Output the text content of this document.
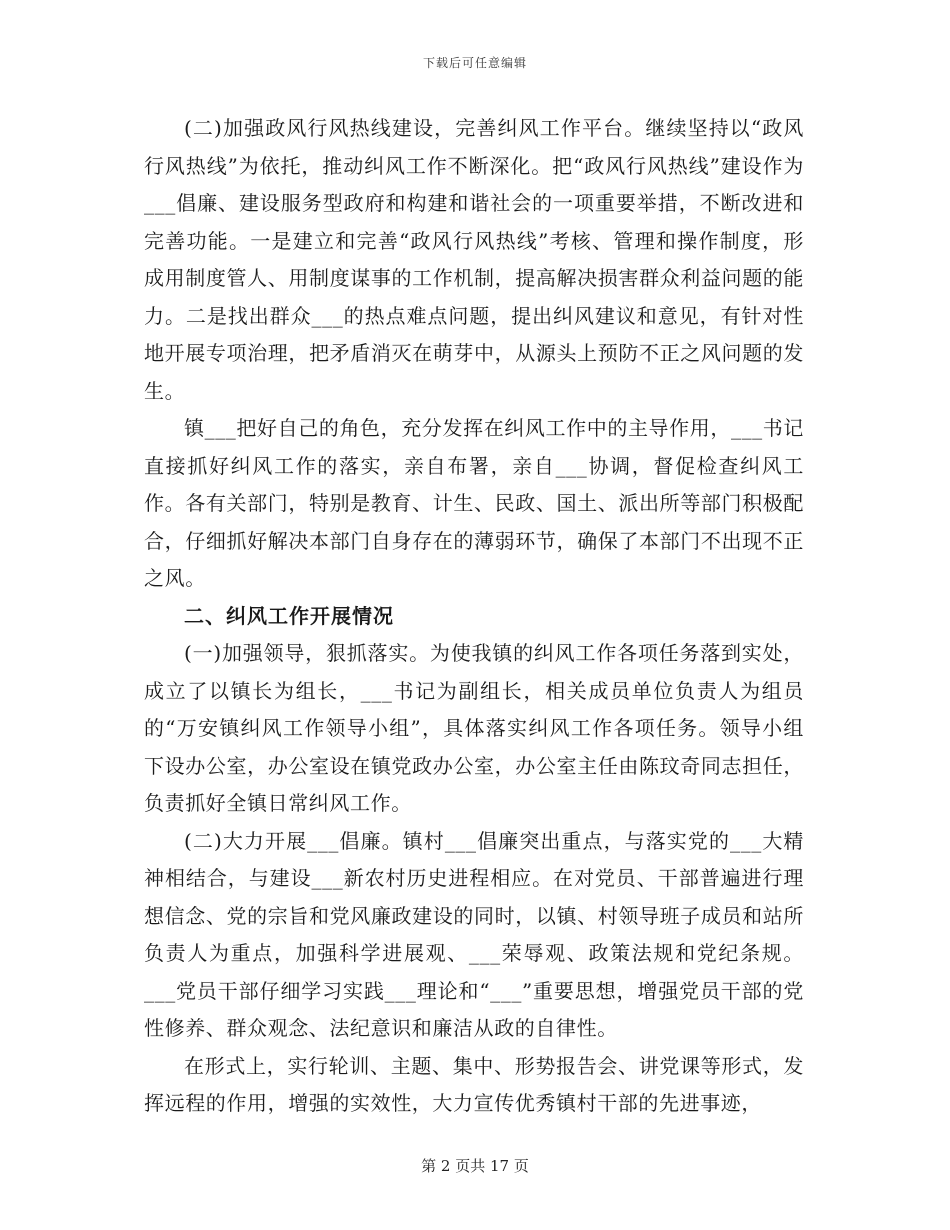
下载后可任意编辑

(二)加强政风行风热线建设，完善纠风工作平台。继续坚持以“政风行风热线”为依托，推动纠风工作不断深化。把“政风行风热线”建设作为___倡廉、建设服务型政府和构建和谐社会的一项重要举措，不断改进和完善功能。一是建立和完善“政风行风热线”考核、管理和操作制度，形成用制度管人、用制度谋事的工作机制，提高解决损害群众利益问题的能力。二是找出群众___的热点难点问题，提出纠风建议和意见，有针对性地开展专项治理，把矛盾消灭在萌芽中，从源头上预防不正之风问题的发生。

镇___把好自己的角色，充分发挥在纠风工作中的主导作用，___书记直接抓好纠风工作的落实，亲自布署，亲自___协调，督促检查纠风工作。各有关部门，特别是教育、计生、民政、国土、派出所等部门积极配合，仔细抓好解决本部门自身存在的薄弱环节，确保了本部门不出现不正之风。

二、纠风工作开展情况

(一)加强领导，狠抓落实。为使我镇的纠风工作各项任务落到实处，成立了以镇长为组长，___书记为副组长，相关成员单位负责人为组员的“万安镇纠风工作领导小组”，具体落实纠风工作各项任务。领导小组下设办公室，办公室设在镇党政办公室，办公室主任由陈玟奇同志担任，负责抓好全镇日常纠风工作。

(二)大力开展___倡廉。镇村___倡廉突出重点，与落实党的___大精神相结合，与建设___新农村历史进程相应。在对党员、干部普遍进行理想信念、党的宗旨和党风廉政建设的同时，以镇、村领导班子成员和站所负责人为重点，加强科学进展观、___荣辱观、政策法规和党纪条规。___党员干部仔细学习实践___理论和“___”重要思想，增强党员干部的党性修养、群众观念、法纪意识和廉洁从政的自律性。

在形式上，实行轮训、主题、集中、形势报告会、讲党课等形式，发挥远程的作用，增强的实效性，大力宣传优秀镇村干部的先进事迹，

第 2 页共 17 页
